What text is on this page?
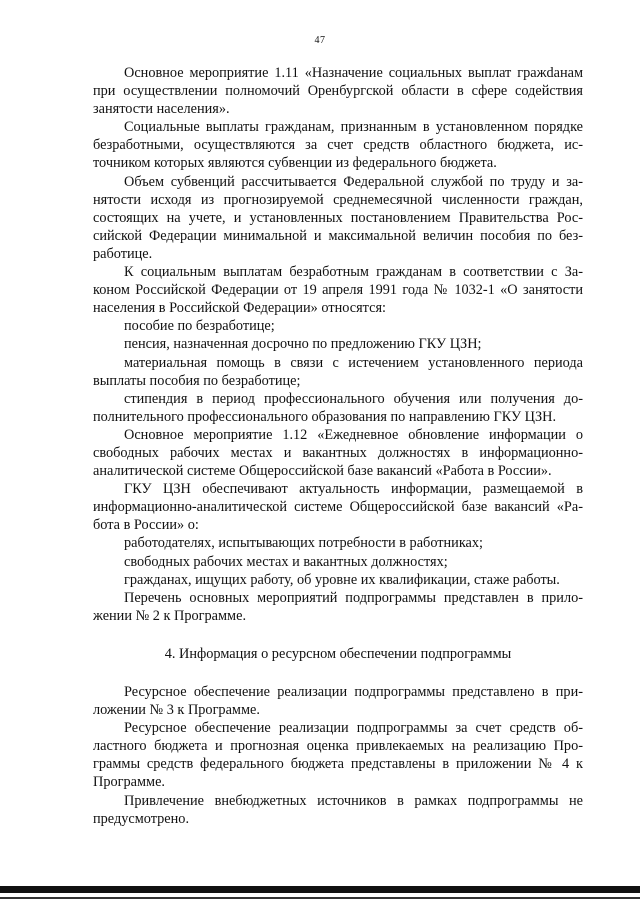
47

Основное мероприятие 1.11 «Назначение социальных выплат гражdанам при осуществлении полномочий Оренбургской области в сфере содействия занятости населения».

Социальные выплаты гражданам, признанным в установленном порядке безработными, осуществляются за счет средств областного бюджета, источником которых являются субвенции из федерального бюджета.

Объем субвенций рассчитывается Федеральной службой по труду и занятости исходя из прогнозируемой среднемесячной численности граждан, состоящих на учете, и установленных постановлением Правительства Российской Федерации минимальной и максимальной величин пособия по безработице.

К социальным выплатам безработным гражданам в соответствии с Законом Российской Федерации от 19 апреля 1991 года № 1032-1 «О занятости населения в Российской Федерации» относятся:

пособие по безработице;

пенсия, назначенная досрочно по предложению ГКУ ЦЗН;

материальная помощь в связи с истечением установленного периода выплаты пособия по безработице;

стипендия в период профессионального обучения или получения дополнительного профессионального образования по направлению ГКУ ЦЗН.

Основное мероприятие 1.12 «Ежедневное обновление информации о свободных рабочих местах и вакантных должностях в информационно-аналитической системе Общероссийской базе вакансий «Работа в России».

ГКУ ЦЗН обеспечивают актуальность информации, размещаемой в информационно-аналитической системе Общероссийской базе вакансий «Работа в России» о:

работодателях, испытывающих потребности в работниках;

свободных рабочих местах и вакантных должностях;

гражданах, ищущих работу, об уровне их квалификации, стаже работы.

Перечень основных мероприятий подпрограммы представлен в приложении № 2 к Программе.

4. Информация о ресурсном обеспечении подпрограммы

Ресурсное обеспечение реализации подпрограммы представлено в приложении № 3 к Программе.

Ресурсное обеспечение реализации подпрограммы за счет средств областного бюджета и прогнозная оценка привлекаемых на реализацию Программы средств федерального бюджета представлены в приложении № 4 к Программе.

Привлечение внебюджетных источников в рамках подпрограммы не предусмотрено.
